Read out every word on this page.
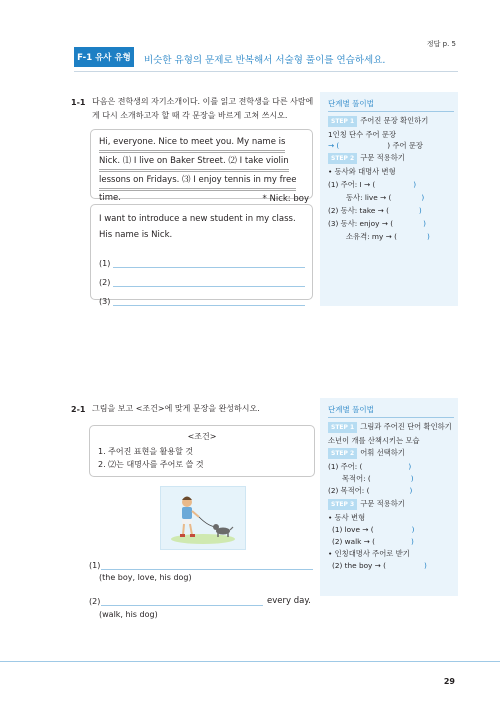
정답 p. 5
F-1 유사 유형	비슷한 유형의 문제로 반복해서 서술형 풀이를 연습하세요.
1-1 다음은 전학생의 자기소개이다. 이를 읽고 전학생을 다른 사람에
게 다시 소개하고자 할 때 각 문장을 바르게 고쳐 쓰시오.
Hi, everyone. Nice to meet you. My name is
Nick. ⑴ I live on Baker Street. ⑵ I take violin
lessons on Fridays. ⑶ I enjoy tennis in my free
time.	* Nick: boy
I want to introduce a new student in my class.
His name is Nick.
(1)
(2)
(3)
단계별 풀이법
STEP 1 주어진 문장 확인하기
1인칭 단수 주어 문장
→ (	) 주어 문장
STEP 2 구문 적용하기
• 동사와 대명사 변형
(1) 주어: I → (	)
동사: live → (	)
(2) 동사: take → (	)
(3) 동사: enjoy → (	)
소유격: my → (	)
2-1 그림을 보고 <조건>에 맞게 문장을 완성하시오.
<조건>
1. 주어진 표현을 활용할 것
2. ⑵는 대명사를 주어로 쓸 것
(1)
(the boy, love, his dog)
(2)	every day.
(walk, his dog)
단계별 풀이법
STEP 1 그림과 주어진 단어 확인하기
소년이 개를 산책시키는 모습
STEP 2 어휘 선택하기
(1) 주어: (	)
목적어: (	)
(2) 목적어: (	)
STEP 3 구문 적용하기
• 동사 변형
(1) love → (	)
(2) walk → (	)
• 인칭대명사 주어로 받기
(2) the boy → (	)
29
